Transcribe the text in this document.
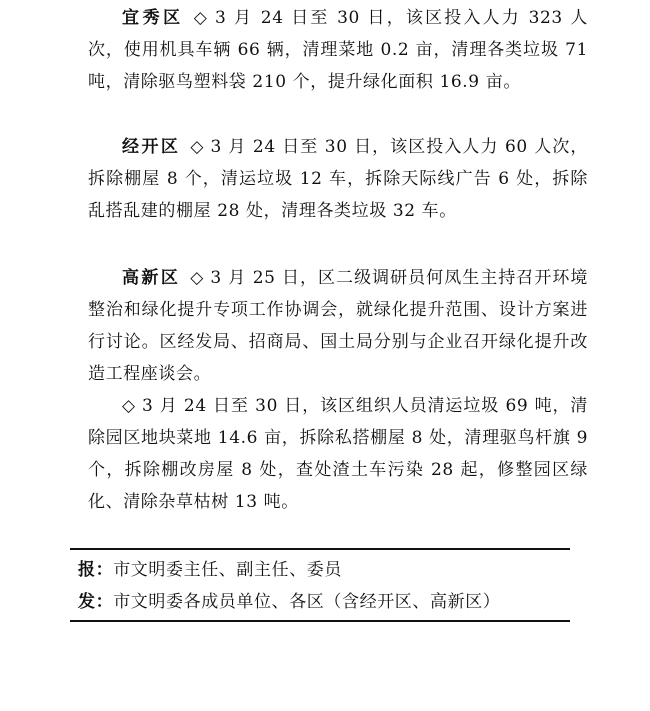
宜秀区 ◇ 3 月 24 日至 30 日，该区投入人力 323 人次，使用机具车辆 66 辆，清理菜地 0.2 亩，清理各类垃圾 71 吨，清除驱鸟塑料袋 210 个，提升绿化面积 16.9 亩。

经开区 ◇ 3 月 24 日至 30 日，该区投入人力 60 人次，拆除棚屋 8 个，清运垃圾 12 车，拆除天际线广告 6 处，拆除乱搭乱建的棚屋 28 处，清理各类垃圾 32 车。

高新区 ◇ 3 月 25 日，区二级调研员何凤生主持召开环境整治和绿化提升专项工作协调会，就绿化提升范围、设计方案进行讨论。区经发局、招商局、国土局分别与企业召开绿化提升改造工程座谈会。

◇ 3 月 24 日至 30 日，该区组织人员清运垃圾 69 吨，清除园区地块菜地 14.6 亩，拆除私搭棚屋 8 处，清理驱鸟杆旗 9 个，拆除棚改房屋 8 处，查处渣土车污染 28 起，修整园区绿化、清除杂草枯树 13 吨。

报：市文明委主任、副主任、委员
发：市文明委各成员单位、各区（含经开区、高新区）
